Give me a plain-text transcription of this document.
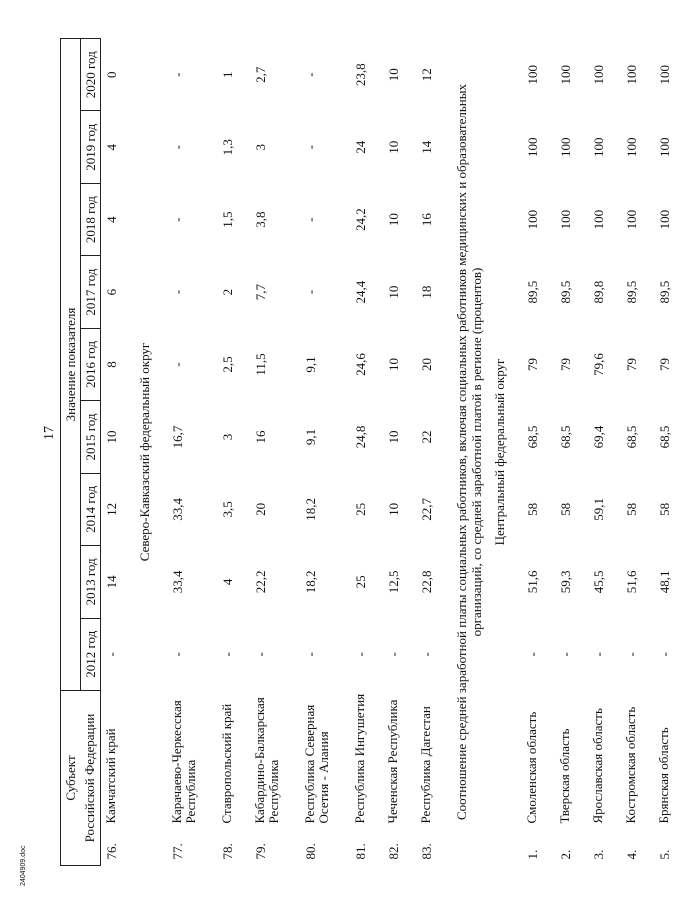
17
Субъект		Значение показателя								
Российской Федерации		2012 год	2013 год	2014 год	2015 год	2016 год	2017 год	2018 год	2019 год	2020 год
76.	Камчатский край	-	14	12	10	8	6	4	4	0
Северо-Кавказский федеральный округ										
77.	Карачаево-Черкесская Республика	-	33,4	33,4	16,7	-	-	-	-	-
78.	Ставропольский край	-	4	3,5	3	2,5	2	1,5	1,3	1
79.	Кабардино-Балкарская Республика	-	22,2	20	16	11,5	7,7	3,8	3	2,7
80.	Республика Северная Осетия - Алания	-	18,2	18,2	9,1	9,1	-	-	-	-
81.	Республика Ингушетия	-	25	25	24,8	24,6	24,4	24,2	24	23,8
82.	Чеченская Республика	-	12,5	10	10	10	10	10	10	10
83.	Республика Дагестан	-	22,8	22,7	22	20	18	16	14	12
Соотношение средней заработной платы социальных работников, включая социальных работников медицинских и образовательных организаций, со средней заработной платой в регионе (процентов)										
Центральный федеральный округ										
1.	Смоленская область	-	51,6	58	68,5	79	89,5	100	100	100
2.	Тверская область	-	59,3	58	68,5	79	89,5	100	100	100
3.	Ярославская область	-	45,5	59,1	69,4	79,6	89,8	100	100	100
4.	Костромская область	-	51,6	58	68,5	79	89,5	100	100	100
5.	Брянская область	-	48,1	58	68,5	79	89,5	100	100	100
2404909.doc
